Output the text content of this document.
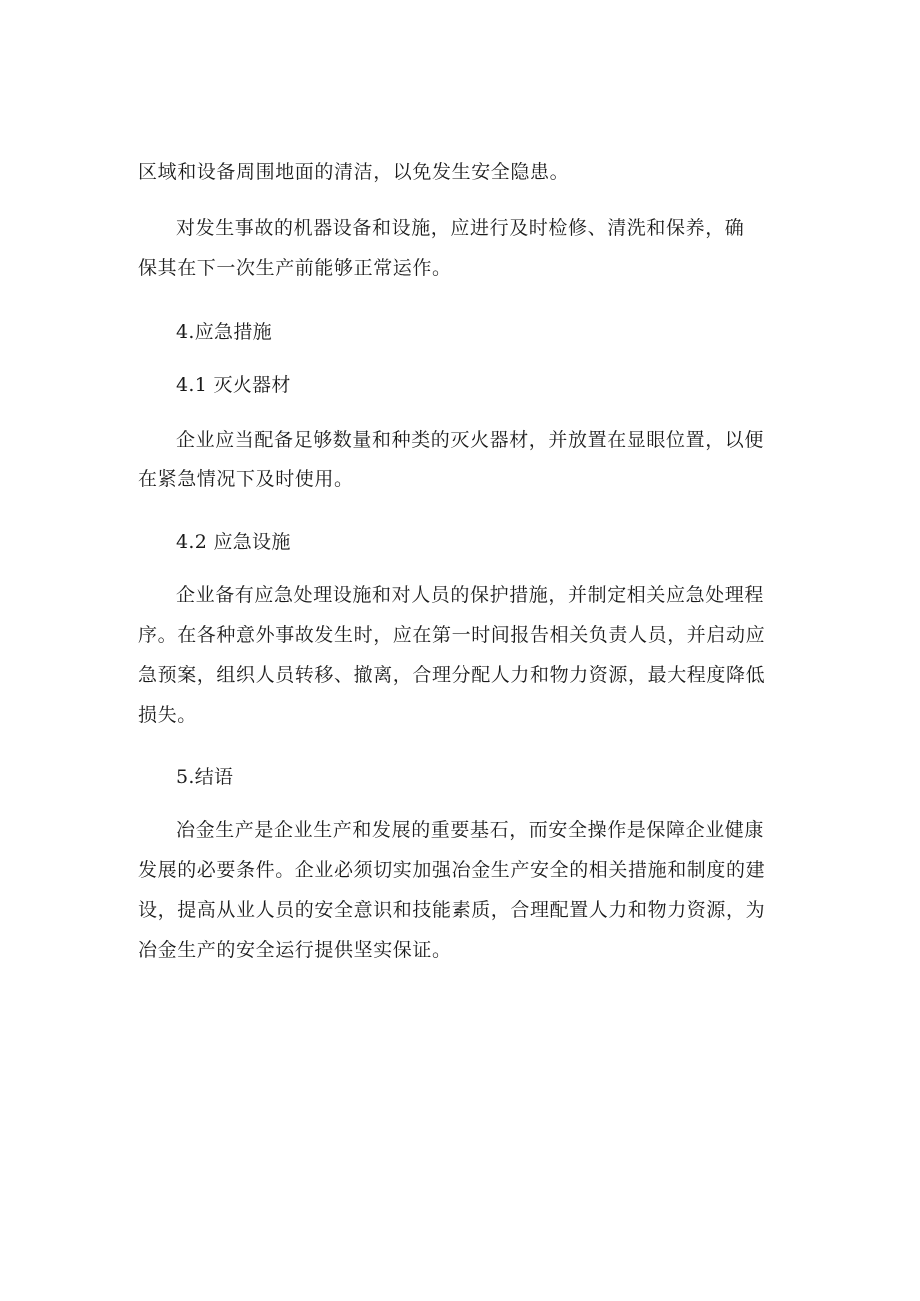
区域和设备周围地面的清洁，以免发生安全隐患。
对发生事故的机器设备和设施，应进行及时检修、清洗和保养，确
保其在下一次生产前能够正常运作。
4.应急措施
4.1 灭火器材
企业应当配备足够数量和种类的灭火器材，并放置在显眼位置，以便
在紧急情况下及时使用。
4.2 应急设施
企业备有应急处理设施和对人员的保护措施，并制定相关应急处理程
序。在各种意外事故发生时，应在第一时间报告相关负责人员，并启动应
急预案，组织人员转移、撤离，合理分配人力和物力资源，最大程度降低
损失。
5.结语
冶金生产是企业生产和发展的重要基石，而安全操作是保障企业健康
发展的必要条件。企业必须切实加强冶金生产安全的相关措施和制度的建
设，提高从业人员的安全意识和技能素质，合理配置人力和物力资源，为
冶金生产的安全运行提供坚实保证。
